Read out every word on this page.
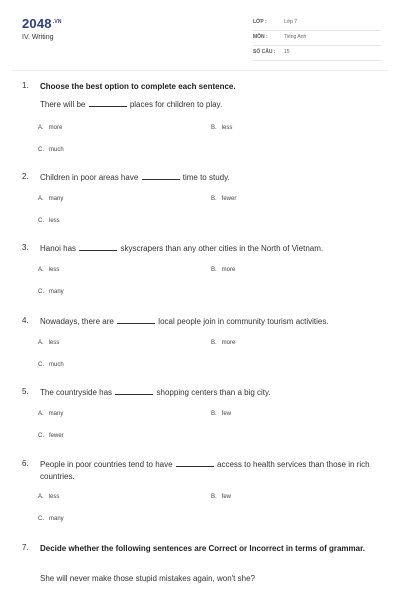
$2048^{.VN}$
IV. Writing
LỚP :	Lớp 7
MÔN :	Tiếng Anh
SỐ CÂU : 15
1. Choose the best option to complete each sentence.
There will be	places for children to play.
A. more	B. less
C. much
2. Children in poor areas have	time to study.
A. many	B. fewer
C. less
3. Hanoi has	skyscrapers than any other cities in the North of Vietnam.
A. less	B. more
C. many
4. Nowadays, there are	local people join in community tourism activities.
A. less	B. more
C. much
5. The countryside has	shopping centers than a big city.
A. many	B. few
C. fewer
6. People in poor countries tend to have	access to health services than those in rich countries.
A. less	B. few
C. many
7. Decide whether the following sentences are Correct or Incorrect in terms of grammar.
She will never make those stupid mistakes again, won't she?
